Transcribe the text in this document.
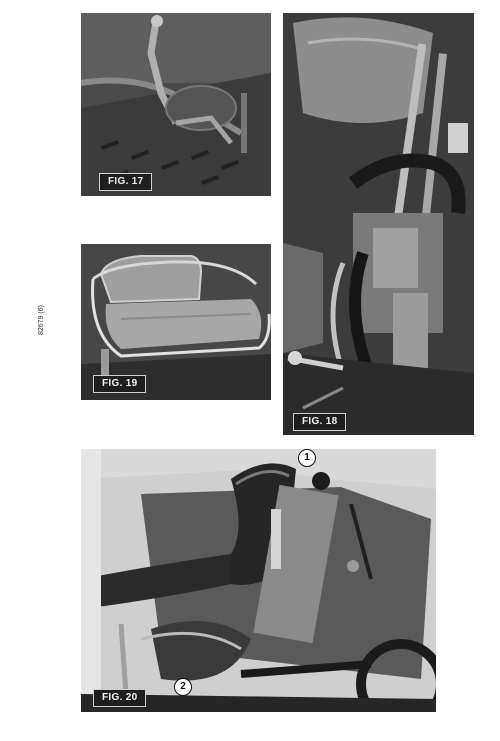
82679 (6)
FIG. 17
FIG. 18
FIG. 19
FIG. 20
1
2
